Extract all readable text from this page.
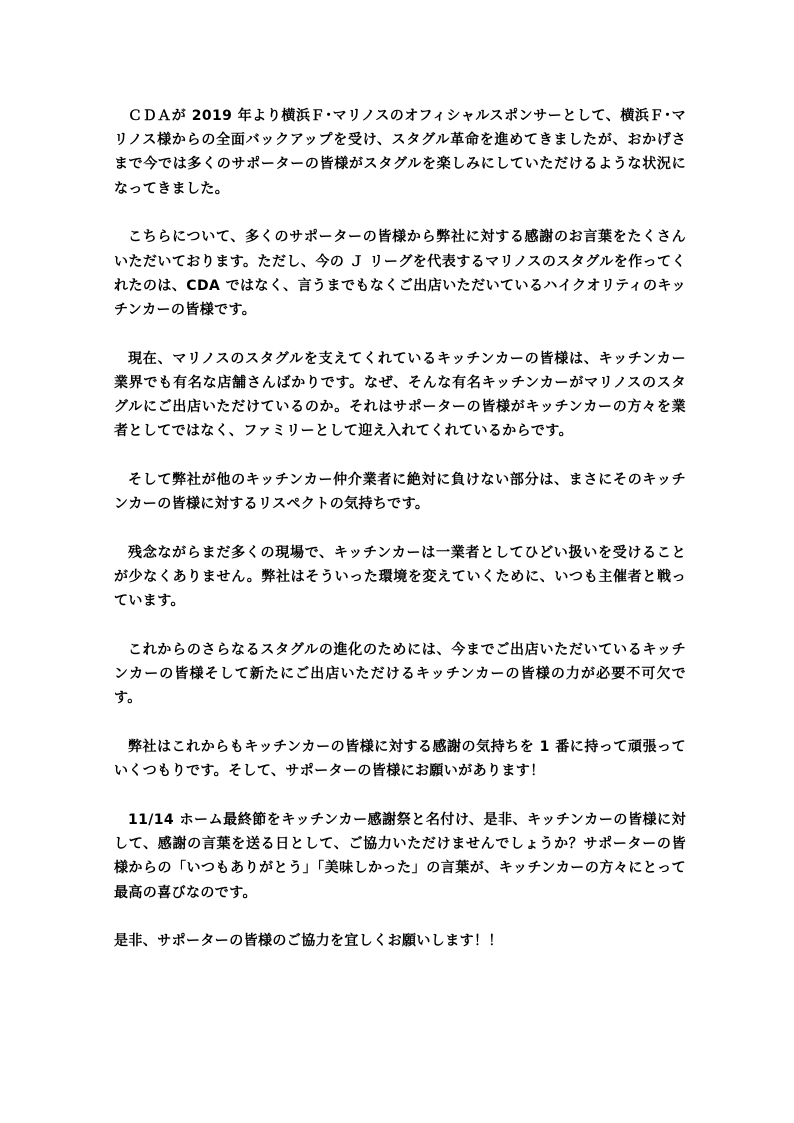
ＣＤＡが 2019 年より横浜Ｆ･マリノスのオフィシャルスポンサーとして、横浜Ｆ･マリノス様からの全面バックアップを受け、スタグル革命を進めてきましたが、おかげさまで今では多くのサポーターの皆様がスタグルを楽しみにしていただけるような状況になってきました。

こちらについて、多くのサポーターの皆様から弊社に対する感謝のお言葉をたくさんいただいております。ただし、今の Ｊ リーグを代表するマリノスのスタグルを作ってくれたのは、CDA ではなく、言うまでもなくご出店いただいているハイクオリティのキッチンカーの皆様です。

現在、マリノスのスタグルを支えてくれているキッチンカーの皆様は、キッチンカー業界でも有名な店舗さんばかりです。なぜ、そんな有名キッチンカーがマリノスのスタグルにご出店いただけているのか。それはサポーターの皆様がキッチンカーの方々を業者としてではなく、ファミリーとして迎え入れてくれているからです。

そして弊社が他のキッチンカー仲介業者に絶対に負けない部分は、まさにそのキッチンカーの皆様に対するリスペクトの気持ちです。

残念ながらまだ多くの現場で、キッチンカーは一業者としてひどい扱いを受けることが少なくありません。弊社はそういった環境を変えていくために、いつも主催者と戦っています。

これからのさらなるスタグルの進化のためには、今までご出店いただいているキッチンカーの皆様そして新たにご出店いただけるキッチンカーの皆様の力が必要不可欠です。

弊社はこれからもキッチンカーの皆様に対する感謝の気持ちを 1 番に持って頑張っていくつもりです。そして、サポーターの皆様にお願いがあります！

11/14 ホーム最終節をキッチンカー感謝祭と名付け、是非、キッチンカーの皆様に対して、感謝の言葉を送る日として、ご協力いただけませんでしょうか？サポーターの皆様からの「いつもありがとう」「美味しかった」の言葉が、キッチンカーの方々にとって最高の喜びなのです。

是非、サポーターの皆様のご協力を宜しくお願いします！！
